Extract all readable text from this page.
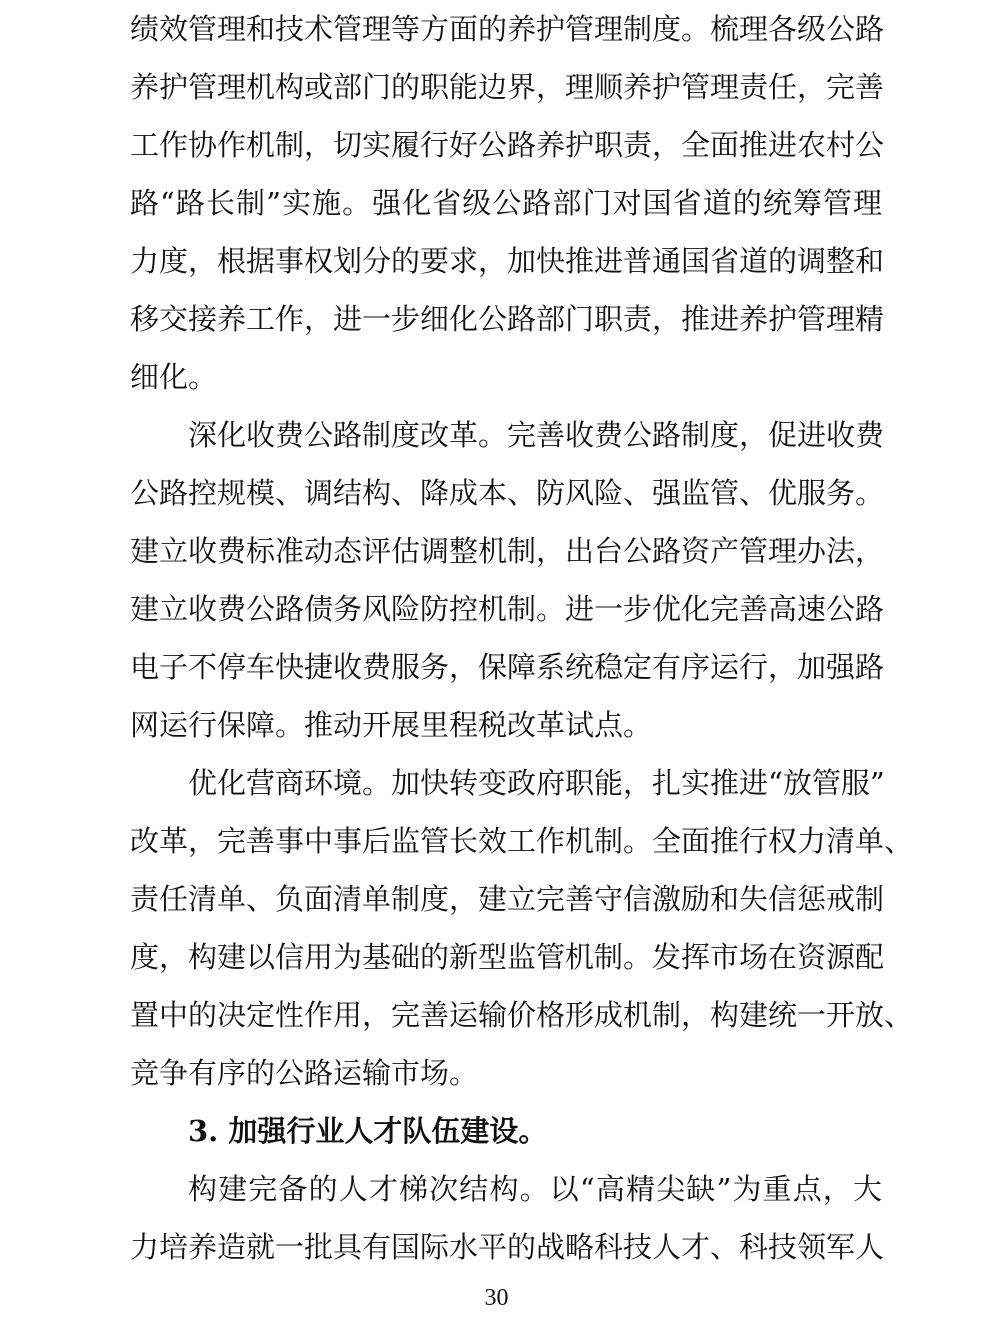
绩效管理和技术管理等方面的养护管理制度。梳理各级公路
养护管理机构或部门的职能边界，理顺养护管理责任，完善
工作协作机制，切实履行好公路养护职责，全面推进农村公
路“路长制”实施。强化省级公路部门对国省道的统筹管理
力度，根据事权划分的要求，加快推进普通国省道的调整和
移交接养工作，进一步细化公路部门职责，推进养护管理精
细化。
深化收费公路制度改革。完善收费公路制度，促进收费
公路控规模、调结构、降成本、防风险、强监管、优服务。
建立收费标准动态评估调整机制，出台公路资产管理办法，
建立收费公路债务风险防控机制。进一步优化完善高速公路
电子不停车快捷收费服务，保障系统稳定有序运行，加强路
网运行保障。推动开展里程税改革试点。
优化营商环境。加快转变政府职能，扎实推进“放管服”
改革，完善事中事后监管长效工作机制。全面推行权力清单、
责任清单、负面清单制度，建立完善守信激励和失信惩戒制
度，构建以信用为基础的新型监管机制。发挥市场在资源配
置中的决定性作用，完善运输价格形成机制，构建统一开放、
竞争有序的公路运输市场。
3. 加强行业人才队伍建设。
构建完备的人才梯次结构。以“高精尖缺”为重点，大
力培养造就一批具有国际水平的战略科技人才、科技领军人
30
